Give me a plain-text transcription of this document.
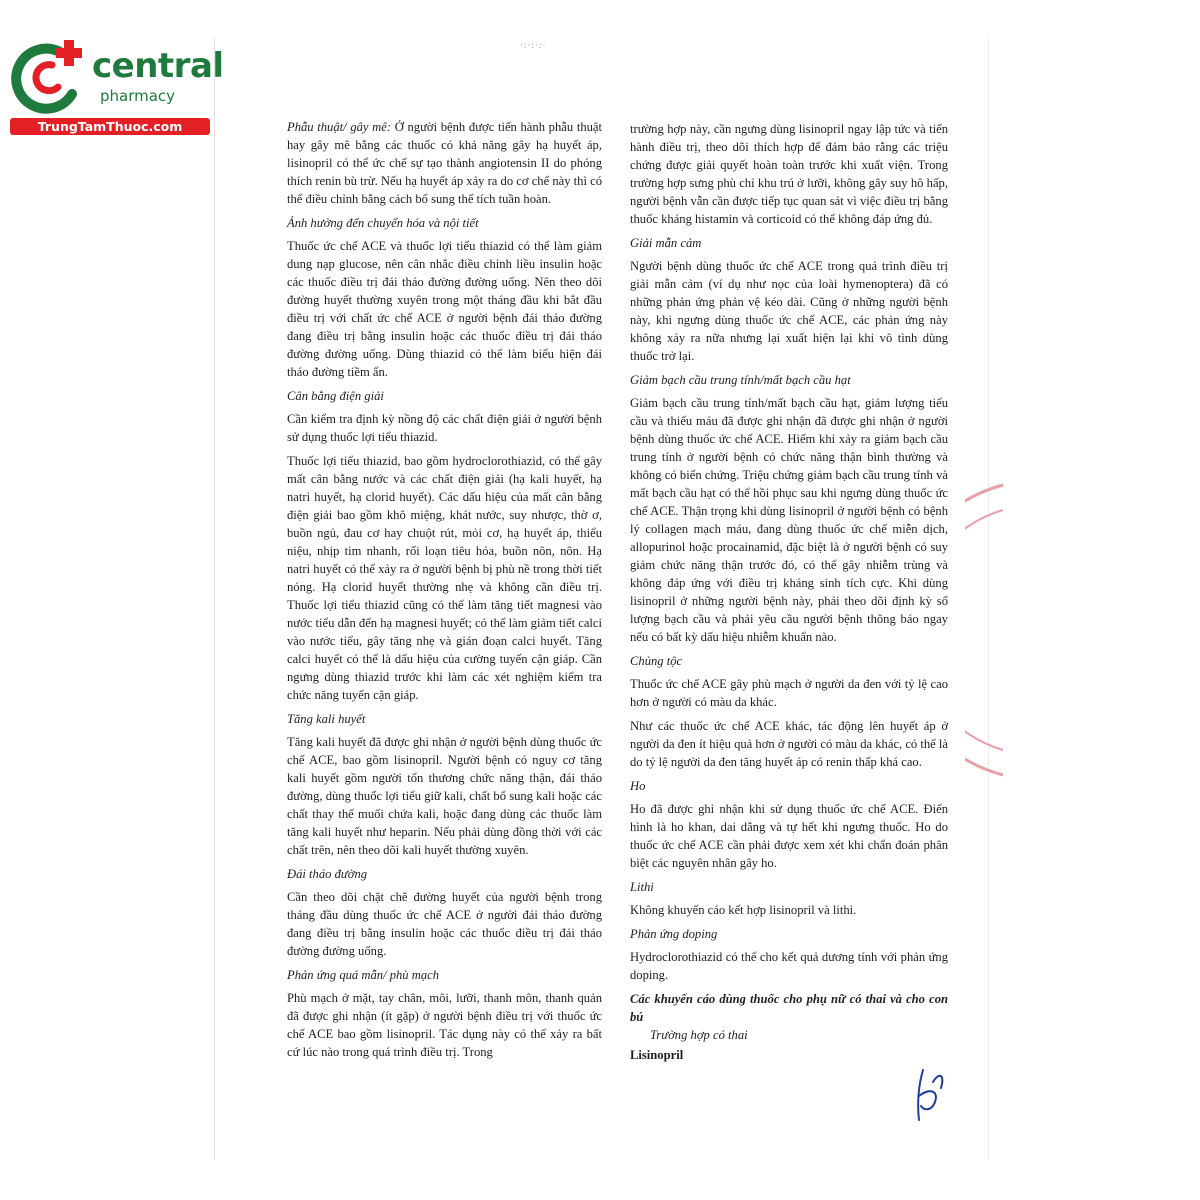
·:·:·:·
central
pharmacy
TrungTamThuoc.com	Phẫu thuật/ gây mê: Ở người bệnh được tiến hành phẫu thuật hay gây mê bằng các thuốc có khả năng gây hạ huyết áp, lisinopril có thể ức chế sự tạo thành angiotensin II do phóng thích renin bù trừ. Nếu hạ huyết áp xảy ra do cơ chế này thì có thể điều chỉnh bằng cách bổ sung thể tích tuần hoàn.

Ảnh hưởng đến chuyển hóa và nội tiết

Thuốc ức chế ACE và thuốc lợi tiểu thiazid có thể làm giảm dung nạp glucose, nên cân nhắc điều chỉnh liều insulin hoặc các thuốc điều trị đái tháo đường đường uống. Nên theo dõi đường huyết thường xuyên trong một tháng đầu khi bắt đầu điều trị với chất ức chế ACE ở người bệnh đái tháo đường đang điều trị bằng insulin hoặc các thuốc điều trị đái tháo đường đường uống. Dùng thiazid có thể làm biểu hiện đái tháo đường tiềm ẩn.

Cân bằng điện giải

Cần kiểm tra định kỳ nồng độ các chất điện giải ở người bệnh sử dụng thuốc lợi tiểu thiazid.

Thuốc lợi tiểu thiazid, bao gồm hydroclorothiazid, có thể gây mất cân bằng nước và các chất điện giải (hạ kali huyết, hạ natri huyết, hạ clorid huyết). Các dấu hiệu của mất cân bằng điện giải bao gồm khô miệng, khát nước, suy nhược, thờ ơ, buồn ngủ, đau cơ hay chuột rút, mỏi cơ, hạ huyết áp, thiểu niệu, nhịp tim nhanh, rối loạn tiêu hóa, buồn nôn, nôn. Hạ natri huyết có thể xảy ra ở người bệnh bị phù nề trong thời tiết nóng. Hạ clorid huyết thường nhẹ và không cần điều trị. Thuốc lợi tiểu thiazid cũng có thể làm tăng tiết magnesi vào nước tiểu dẫn đến hạ magnesi huyết; có thể làm giảm tiết calci vào nước tiểu, gây tăng nhẹ và gián đoạn calci huyết. Tăng calci huyết có thể là dấu hiệu của cường tuyến cận giáp. Cần ngưng dùng thiazid trước khi làm các xét nghiệm kiểm tra chức năng tuyến cận giáp.

Tăng kali huyết

Tăng kali huyết đã được ghi nhận ở người bệnh dùng thuốc ức chế ACE, bao gồm lisinopril. Người bệnh có nguy cơ tăng kali huyết gồm người tổn thương chức năng thận, đái tháo đường, dùng thuốc lợi tiểu giữ kali, chất bổ sung kali hoặc các chất thay thế muối chứa kali, hoặc đang dùng các thuốc làm tăng kali huyết như heparin. Nếu phải dùng đồng thời với các chất trên, nên theo dõi kali huyết thường xuyên.

Đái tháo đường

Cần theo dõi chặt chẽ đường huyết của người bệnh trong tháng đầu dùng thuốc ức chế ACE ở người đái tháo đường đang điều trị bằng insulin hoặc các thuốc điều trị đái tháo đường đường uống.

Phản ứng quá mẫn/ phù mạch

Phù mạch ở mặt, tay chân, môi, lưỡi, thanh môn, thanh quản đã được ghi nhận (ít gặp) ở người bệnh điều trị với thuốc ức chế ACE bao gồm lisinopril. Tác dụng này có thể xảy ra bất cứ lúc nào trong quá trình điều trị. Trong

trường hợp này, cần ngưng dùng lisinopril ngay lập tức và tiến hành điều trị, theo dõi thích hợp để đảm bảo rằng các triệu chứng được giải quyết hoàn toàn trước khi xuất viện. Trong trường hợp sưng phù chỉ khu trú ở lưỡi, không gây suy hô hấp, người bệnh vẫn cần được tiếp tục quan sát vì việc điều trị bằng thuốc kháng histamin và corticoid có thể không đáp ứng đủ.

Giải mẫn cảm

Người bệnh dùng thuốc ức chế ACE trong quá trình điều trị giải mẫn cảm (ví dụ như nọc của loài hymenoptera) đã có những phản ứng phản vệ kéo dài. Cũng ở những người bệnh này, khi ngưng dùng thuốc ức chế ACE, các phản ứng này không xảy ra nữa nhưng lại xuất hiện lại khi vô tình dùng thuốc trở lại.

Giảm bạch cầu trung tính/mất bạch cầu hạt

Giảm bạch cầu trung tính/mất bạch cầu hạt, giảm lượng tiểu cầu và thiếu máu đã được ghi nhận đã được ghi nhận ở người bệnh dùng thuốc ức chế ACE. Hiếm khi xảy ra giảm bạch cầu trung tính ở người bệnh có chức năng thận bình thường và không có biến chứng. Triệu chứng giảm bạch cầu trung tính và mất bạch cầu hạt có thể hồi phục sau khi ngưng dùng thuốc ức chế ACE. Thận trọng khi dùng lisinopril ở người bệnh có bệnh lý collagen mạch máu, đang dùng thuốc ức chế miễn dịch, allopurinol hoặc procainamid, đặc biệt là ở người bệnh có suy giảm chức năng thận trước đó, có thể gây nhiễm trùng và không đáp ứng với điều trị kháng sinh tích cực. Khi dùng lisinopril ở những người bệnh này, phải theo dõi định kỳ số lượng bạch cầu và phải yêu cầu người bệnh thông báo ngay nếu có bất kỳ dấu hiệu nhiễm khuẩn nào.

Chủng tộc

Thuốc ức chế ACE gây phù mạch ở người da đen với tỷ lệ cao hơn ở người có màu da khác.

Như các thuốc ức chế ACE khác, tác động lên huyết áp ở người da đen ít hiệu quả hơn ở người có màu da khác, có thể là do tỷ lệ người da đen tăng huyết áp có renin thấp khá cao.

Ho

Ho đã được ghi nhận khi sử dụng thuốc ức chế ACE. Điển hình là ho khan, dai dẳng và tự hết khi ngưng thuốc. Ho do thuốc ức chế ACE cần phải được xem xét khi chẩn đoán phân biệt các nguyên nhân gây ho.

Lithi

Không khuyến cáo kết hợp lisinopril và lithi.

Phản ứng doping

Hydroclorothiazid có thể cho kết quả dương tính với phản ứng doping.

Các khuyến cáo dùng thuốc cho phụ nữ có thai và cho con bú

Trường hợp có thai

Lisinopril
